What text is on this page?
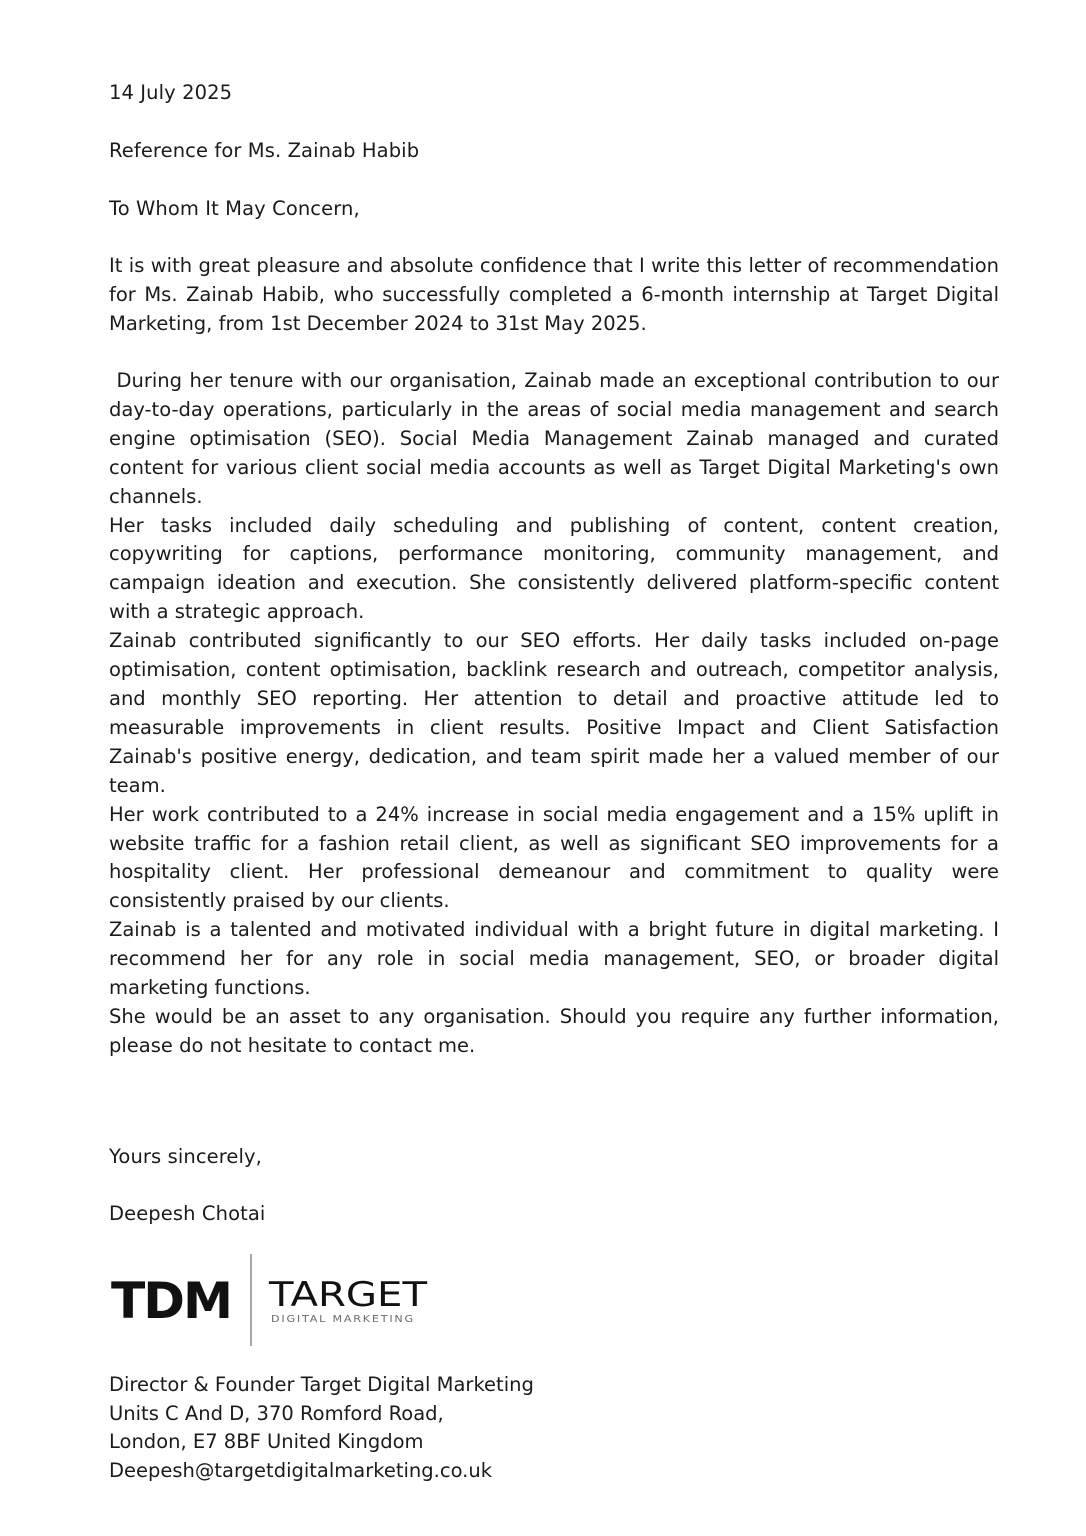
14 July 2025
Reference for Ms. Zainab Habib
To Whom It May Concern,

It is with great pleasure and absolute confidence that I write this letter of recommendation for Ms. Zainab Habib, who successfully completed a 6-month internship at Target Digital Marketing, from 1st December 2024 to 31st May 2025.

During her tenure with our organisation, Zainab made an exceptional contribution to our day-to-day operations, particularly in the areas of social media management and search engine optimisation (SEO). Social Media Management Zainab managed and curated content for various client social media accounts as well as Target Digital Marketing's own channels.

Her tasks included daily scheduling and publishing of content, content creation, copywriting for captions, performance monitoring, community management, and campaign ideation and execution. She consistently delivered platform-specific content with a strategic approach.

Zainab contributed significantly to our SEO efforts. Her daily tasks included on-page optimisation, content optimisation, backlink research and outreach, competitor analysis, and monthly SEO reporting. Her attention to detail and proactive attitude led to measurable improvements in client results. Positive Impact and Client Satisfaction Zainab's positive energy, dedication, and team spirit made her a valued member of our team.

Her work contributed to a 24% increase in social media engagement and a 15% uplift in website traffic for a fashion retail client, as well as significant SEO improvements for a hospitality client. Her professional demeanour and commitment to quality were consistently praised by our clients.

Zainab is a talented and motivated individual with a bright future in digital marketing. I recommend her for any role in social media management, SEO, or broader digital marketing functions.

She would be an asset to any organisation. Should you require any further information, please do not hesitate to contact me.

Yours sincerely,
Deepesh Chotai
TDM TARGET
DIGITAL MARKETING
Director & Founder Target Digital Marketing
Units C And D, 370 Romford Road,
London, E7 8BF United Kingdom
Deepesh@targetdigitalmarketing.co.uk
